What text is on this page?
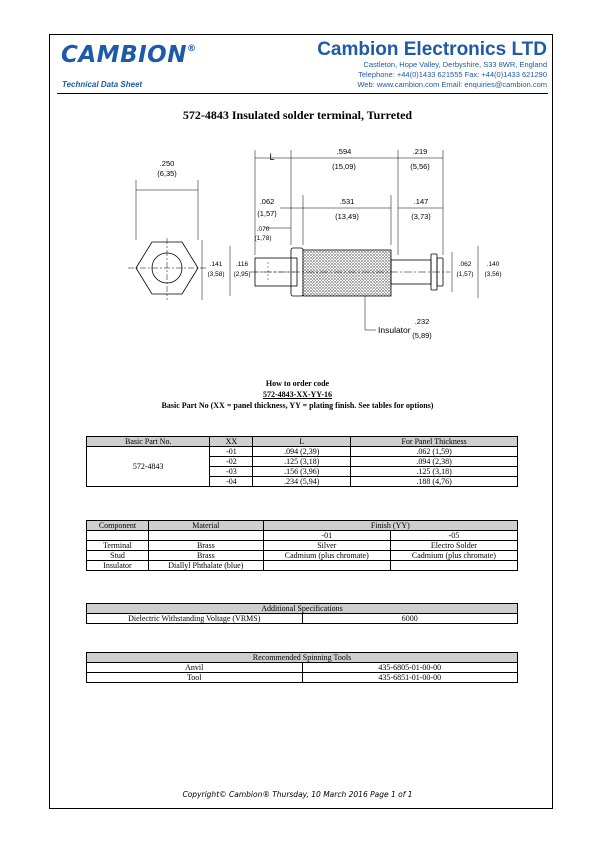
CAMBION®
Technical Data Sheet
Cambion Electronics LTD
Castleton, Hope Valley, Derbyshire, S33 8WR, England
Telephone: +44(0)1433 621555 Fax: +44(0)1433 621290
Web: www.cambion.com Email: enquiries@cambion.com
572-4843 Insulated solder terminal, Turreted
.250
(6,35)
L
.594
(15,09)
.219
(5,56)
.062
(1,57)
.070
(1,78)
.531
(13,49)
.147
(3,73)
.141
(3,58)
.116
(2,95)
.062
(1,57)
.140
(3,56)
Insulator
.232
(5,89)
How to order code
572-4843-XX-YY-16
Basic Part No (XX = panel thickness, YY = plating finish. See tables for options)
Basic Part No.	XX	L	For Panel Thickness
572-4843	-01	.094 (2,39)	.062 (1,59)
	-02	.125 (3,18)	.094 (2,38)
	-03	.156 (3,96)	.125 (3,18)
	-04	.234 (5,94)	.188 (4,76)
Component	Material	Finish (YY)	
		-01	-05
Terminal	Brass	Silver	Electro Solder
Stud	Brass	Cadmium (plus chromate)	Cadmium (plus chromate)
Insulator	Diallyl Phthalate (blue)		
Additional Specifications
Dielectric Withstanding Voltage (VRMS)	6000
Recommended Spinning Tools	
Anvil	435-6805-01-00-00
Tool	435-6851-01-00-00
Copyright© Cambion® Thursday, 10 March 2016 Page 1 of 1
